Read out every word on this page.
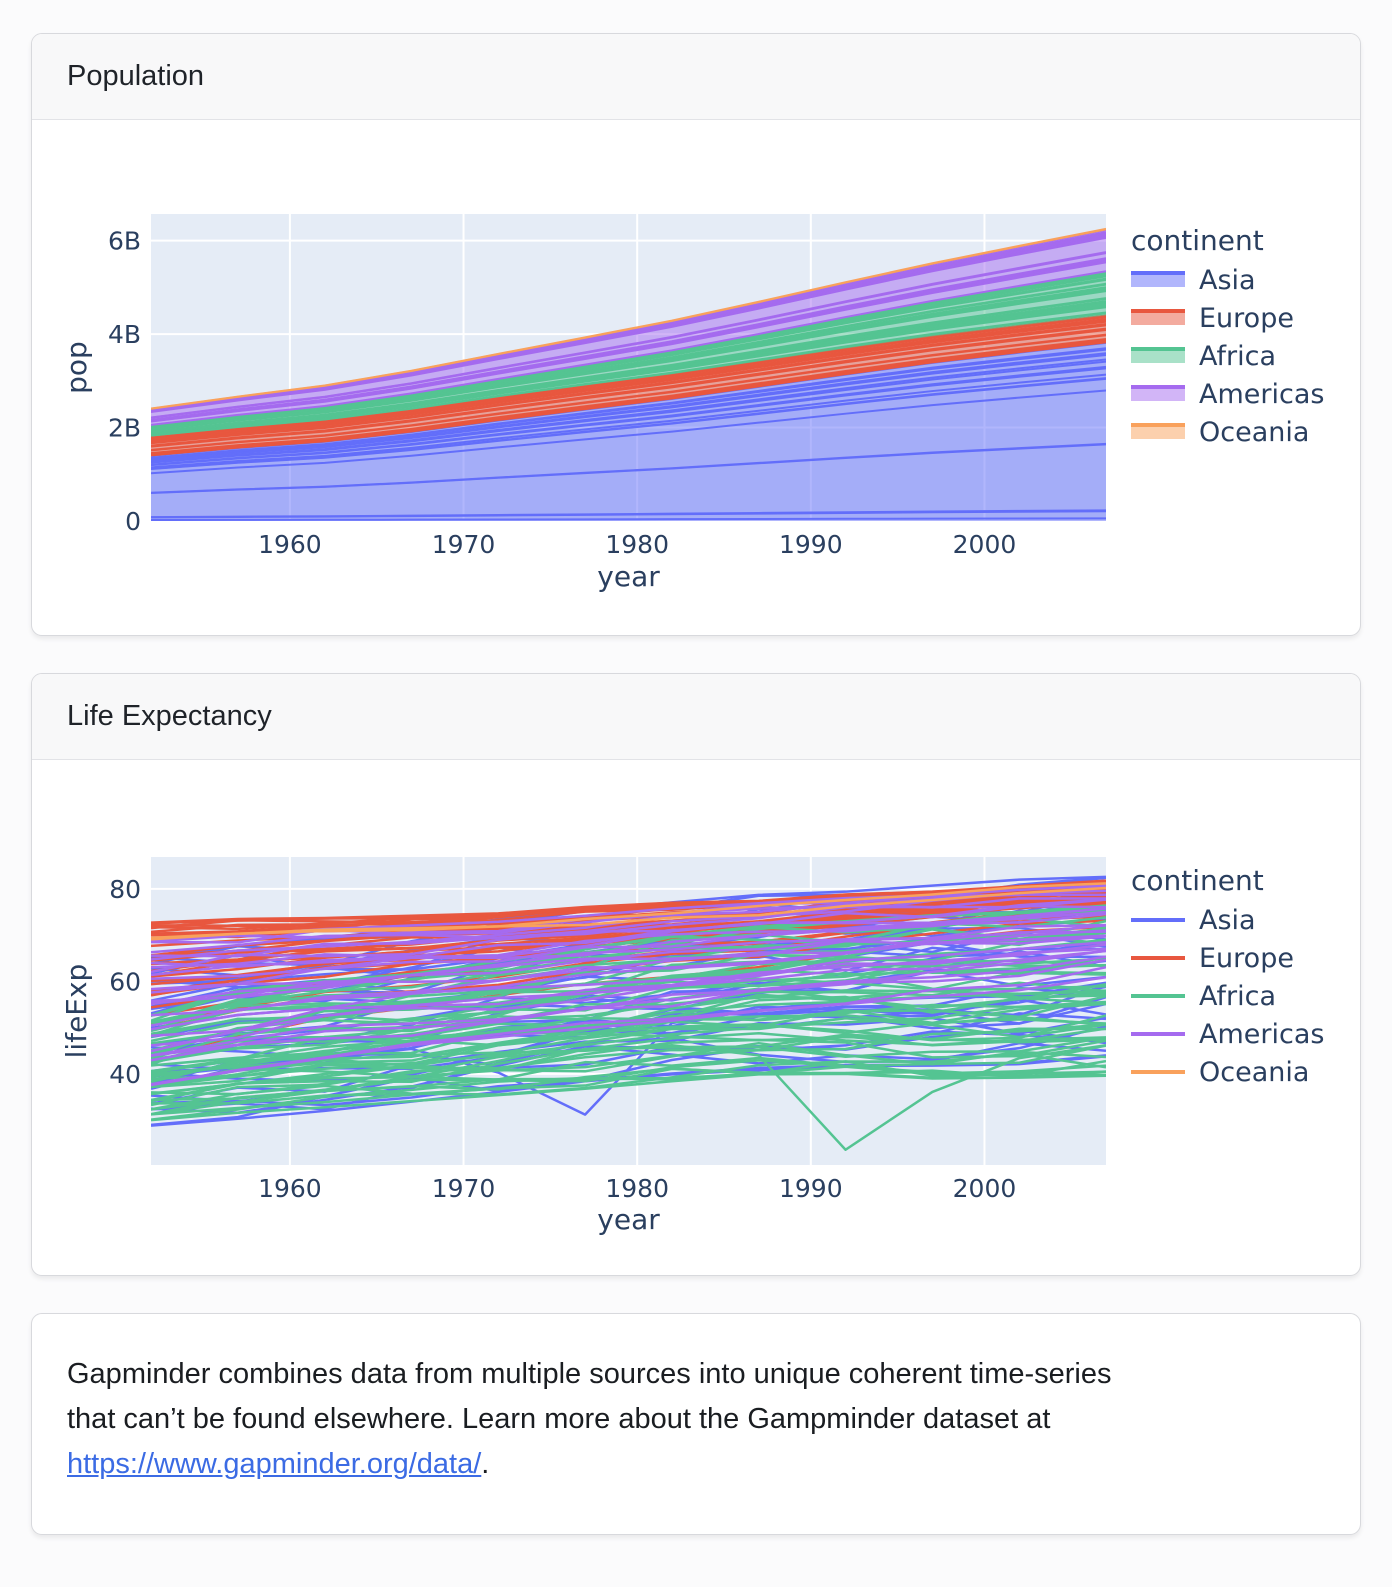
Population
1960	1970	1980	1990	2000
0
2B
4B
6B
year
pop
continent
Asia
Europe
Africa
Americas
Oceania
Life Expectancy
1960	1970	1980	1990	2000
40
60
80
year
lifeExp
continent
Asia
Europe
Africa
Americas
Oceania

Gapminder combines data from multiple sources into unique coherent time-series
that can’t be found elsewhere. Learn more about the Gampminder dataset at
https://www.gapminder.org/data/.
